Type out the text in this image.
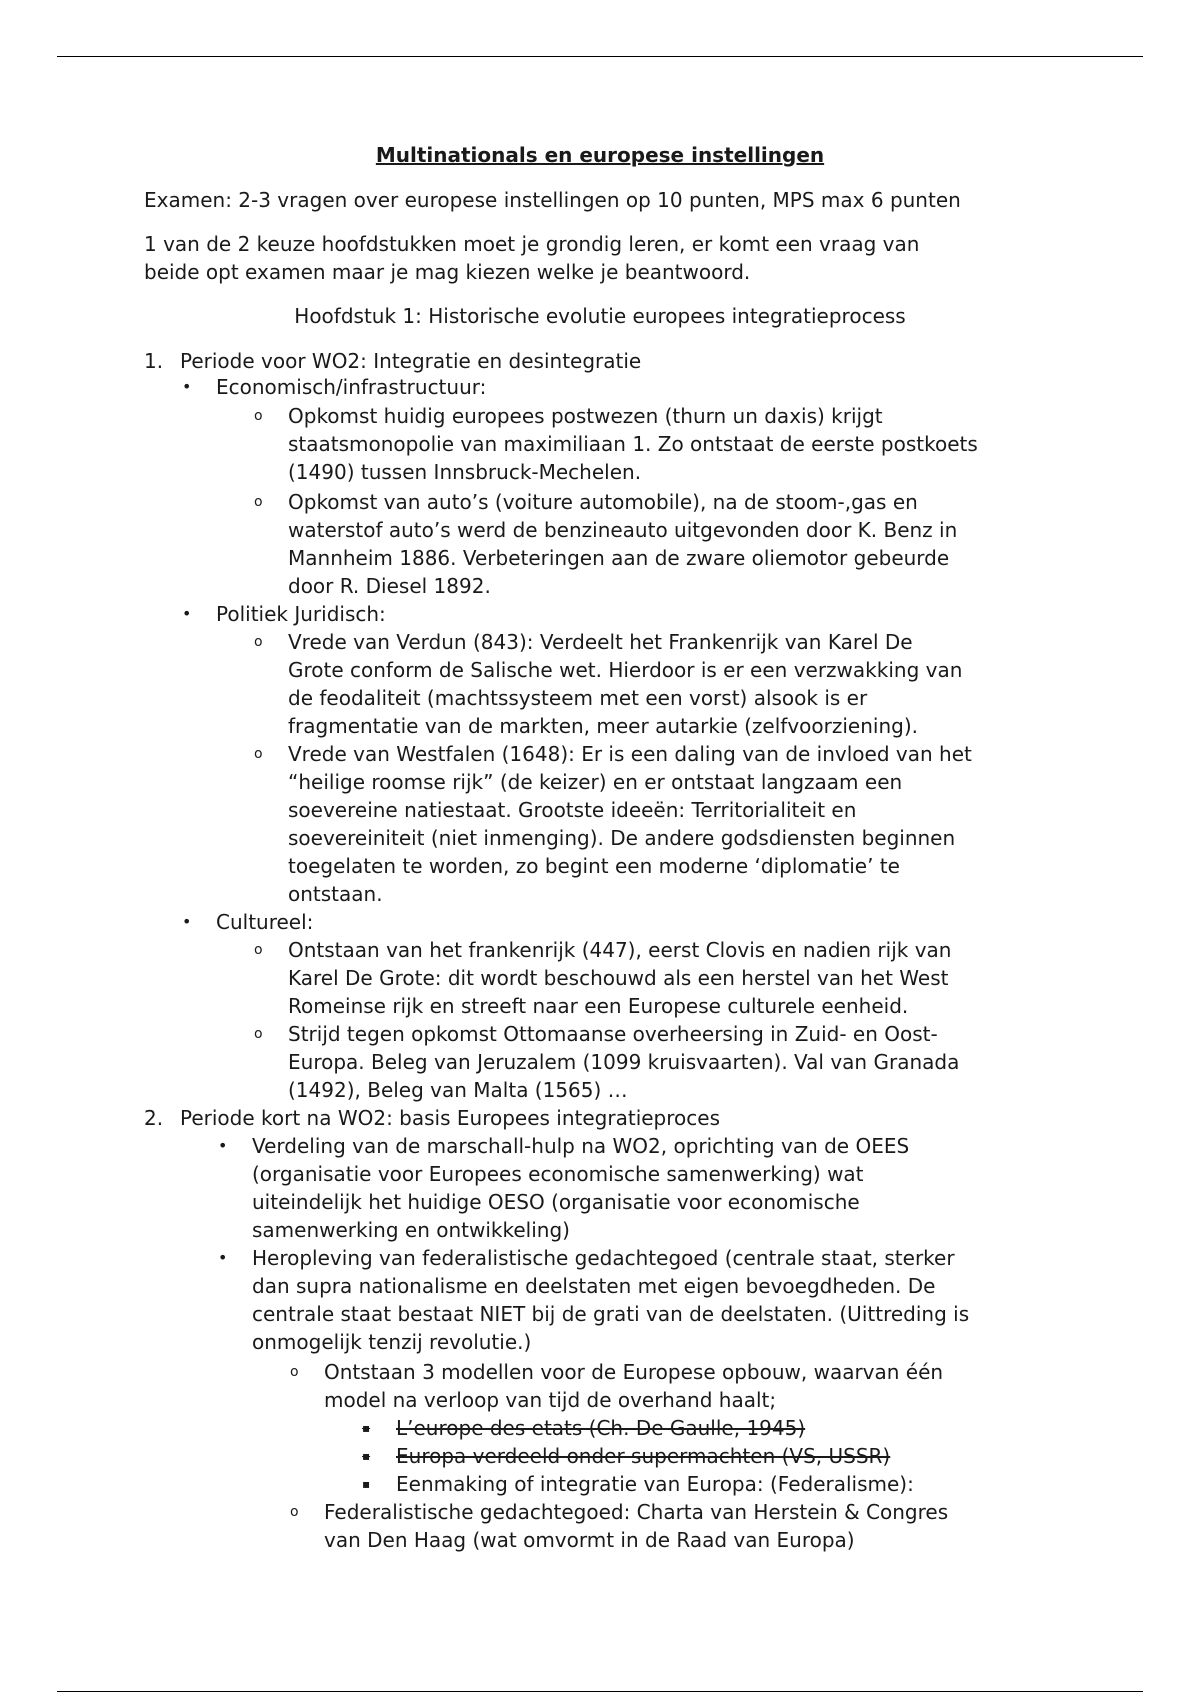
Multinationals en europese instellingen
Examen: 2-3 vragen over europese instellingen op 10 punten, MPS max 6 punten
1 van de 2 keuze hoofdstukken moet je grondig leren, er komt een vraag van
beide opt examen maar je mag kiezen welke je beantwoord.
Hoofdstuk 1: Historische evolutie europees integratieprocess
1. Periode voor WO2: Integratie en desintegratie
• Economisch/infrastructuur:
o Opkomst huidig europees postwezen (thurn un daxis) krijgt
staatsmonopolie van maximiliaan 1. Zo ontstaat de eerste postkoets
(1490) tussen Innsbruck-Mechelen.
o Opkomst van auto’s (voiture automobile), na de stoom-,gas en
waterstof auto’s werd de benzineauto uitgevonden door K. Benz in
Mannheim 1886. Verbeteringen aan de zware oliemotor gebeurde
door R. Diesel 1892.
• Politiek Juridisch:
o Vrede van Verdun (843): Verdeelt het Frankenrijk van Karel De
Grote conform de Salische wet. Hierdoor is er een verzwakking van
de feodaliteit (machtssysteem met een vorst) alsook is er
fragmentatie van de markten, meer autarkie (zelfvoorziening).
o Vrede van Westfalen (1648): Er is een daling van de invloed van het
“heilige roomse rijk” (de keizer) en er ontstaat langzaam een
soevereine natiestaat. Grootste ideeën: Territorialiteit en
soevereiniteit (niet inmenging). De andere godsdiensten beginnen
toegelaten te worden, zo begint een moderne ‘diplomatie’ te
ontstaan.
• Cultureel:
o Ontstaan van het frankenrijk (447), eerst Clovis en nadien rijk van
Karel De Grote: dit wordt beschouwd als een herstel van het West
Romeinse rijk en streeft naar een Europese culturele eenheid.
o Strijd tegen opkomst Ottomaanse overheersing in Zuid- en Oost-
Europa. Beleg van Jeruzalem (1099 kruisvaarten). Val van Granada
(1492), Beleg van Malta (1565) …
2. Periode kort na WO2: basis Europees integratieproces
• Verdeling van de marschall-hulp na WO2, oprichting van de OEES
(organisatie voor Europees economische samenwerking) wat
uiteindelijk het huidige OESO (organisatie voor economische
samenwerking en ontwikkeling)
• Heropleving van federalistische gedachtegoed (centrale staat, sterker
dan supra nationalisme en deelstaten met eigen bevoegdheden. De
centrale staat bestaat NIET bij de grati van de deelstaten. (Uittreding is
onmogelijk tenzij revolutie.)
o Ontstaan 3 modellen voor de Europese opbouw, waarvan één
model na verloop van tijd de overhand haalt;
▪ L’europe des etats (Ch. De Gaulle, 1945)
▪ Europa verdeeld onder supermachten (VS, USSR)
▪ Eenmaking of integratie van Europa: (Federalisme):
o Federalistische gedachtegoed: Charta van Herstein & Congres
van Den Haag (wat omvormt in de Raad van Europa)
